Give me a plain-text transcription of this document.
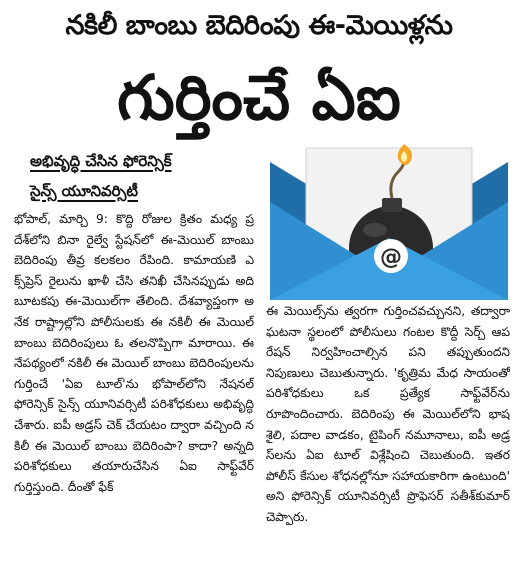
నకిలీ బాంబు బెదిరింపు ఈ-మెయిళ్లను
గుర్తించే ఏఐ
అభివృద్ధి చేసిన ఫోరెన్సిక్
సైన్స్ యూనివర్సిటీ
@
భోపాల్, మార్చి 9: కొద్ది రోజుల క్రితం మధ్య ప్రదేశ్‌లోని బినా రైల్వే స్టేషన్‌లో ఈ-మెయిల్ బాంబు బెదిరింపు తీవ్ర కలకలం రేపింది. కామాయణి ఎక్స్‌ప్రెస్ రైలును ఖాళీ చేసి తనిఖీ చేసినప్పుడు అది బూటకపు ఈ-మెయిల్‌గా తేలింది. దేశవ్యాప్తంగా అనేక రాష్ట్రాల్లోని పోలీసులకు ఈ నకిలీ ఈ మెయిల్ బాంబు బెదిరింపులు ఓ తలనొప్పిగా మారాయి. ఈ నేపథ్యంలో నకిలీ ఈ మెయిల్ బాంబు బెదిరింపులను గుర్తించే 'ఏఐ టూల్'ను భోపాల్‌లోని నేషనల్ ఫోరెన్సిక్ సైన్స్ యూనివర్సిటీ పరిశోధకులు అభివృద్ధి చేశారు. ఐపీ అడ్రస్ చెక్ చేయటం ద్వారా వచ్చింది నకిలీ ఈ మెయిల్ బాంబు బెదిరింపా? కాదా? అన్నది పరిశోధకులు తయారుచేసిన ఏఐ సాఫ్ట్‌వేర్ గుర్తిస్తుంది. దీంతో ఫేక్
ఈ మెయిల్స్‌ను త్వరగా గుర్తించవచ్చునని, తద్వారా ఘటనా స్థలంలో పోలీసులు గంటల కొద్దీ సెర్చ్ ఆపరేషన్ నిర్వహించాల్సిన పని తప్పుతుందని నిపుణులు చెబుతున్నారు. 'కృత్రిమ మేధ సాయంతో పరిశోధకులు ఒక ప్రత్యేక సాఫ్ట్‌వేర్‌ను రూపొందించారు. బెదిరింపు ఈ మెయిల్‌లోని భాష శైలి, పదాల వాడకం, టైపింగ్ నమూనాలు, ఐపీ అడ్రస్‌లను ఏఐ టూల్ విశ్లేషించి చెబుతుంది. ఇతర పోలీస్ కేసుల శోధనల్లోనూ సహాయకారిగా ఉంటుంది' అని ఫోరెన్సిక్ యూనివర్సిటీ ప్రొఫెసర్ సతీశ్‌కుమార్ చెప్పారు.
